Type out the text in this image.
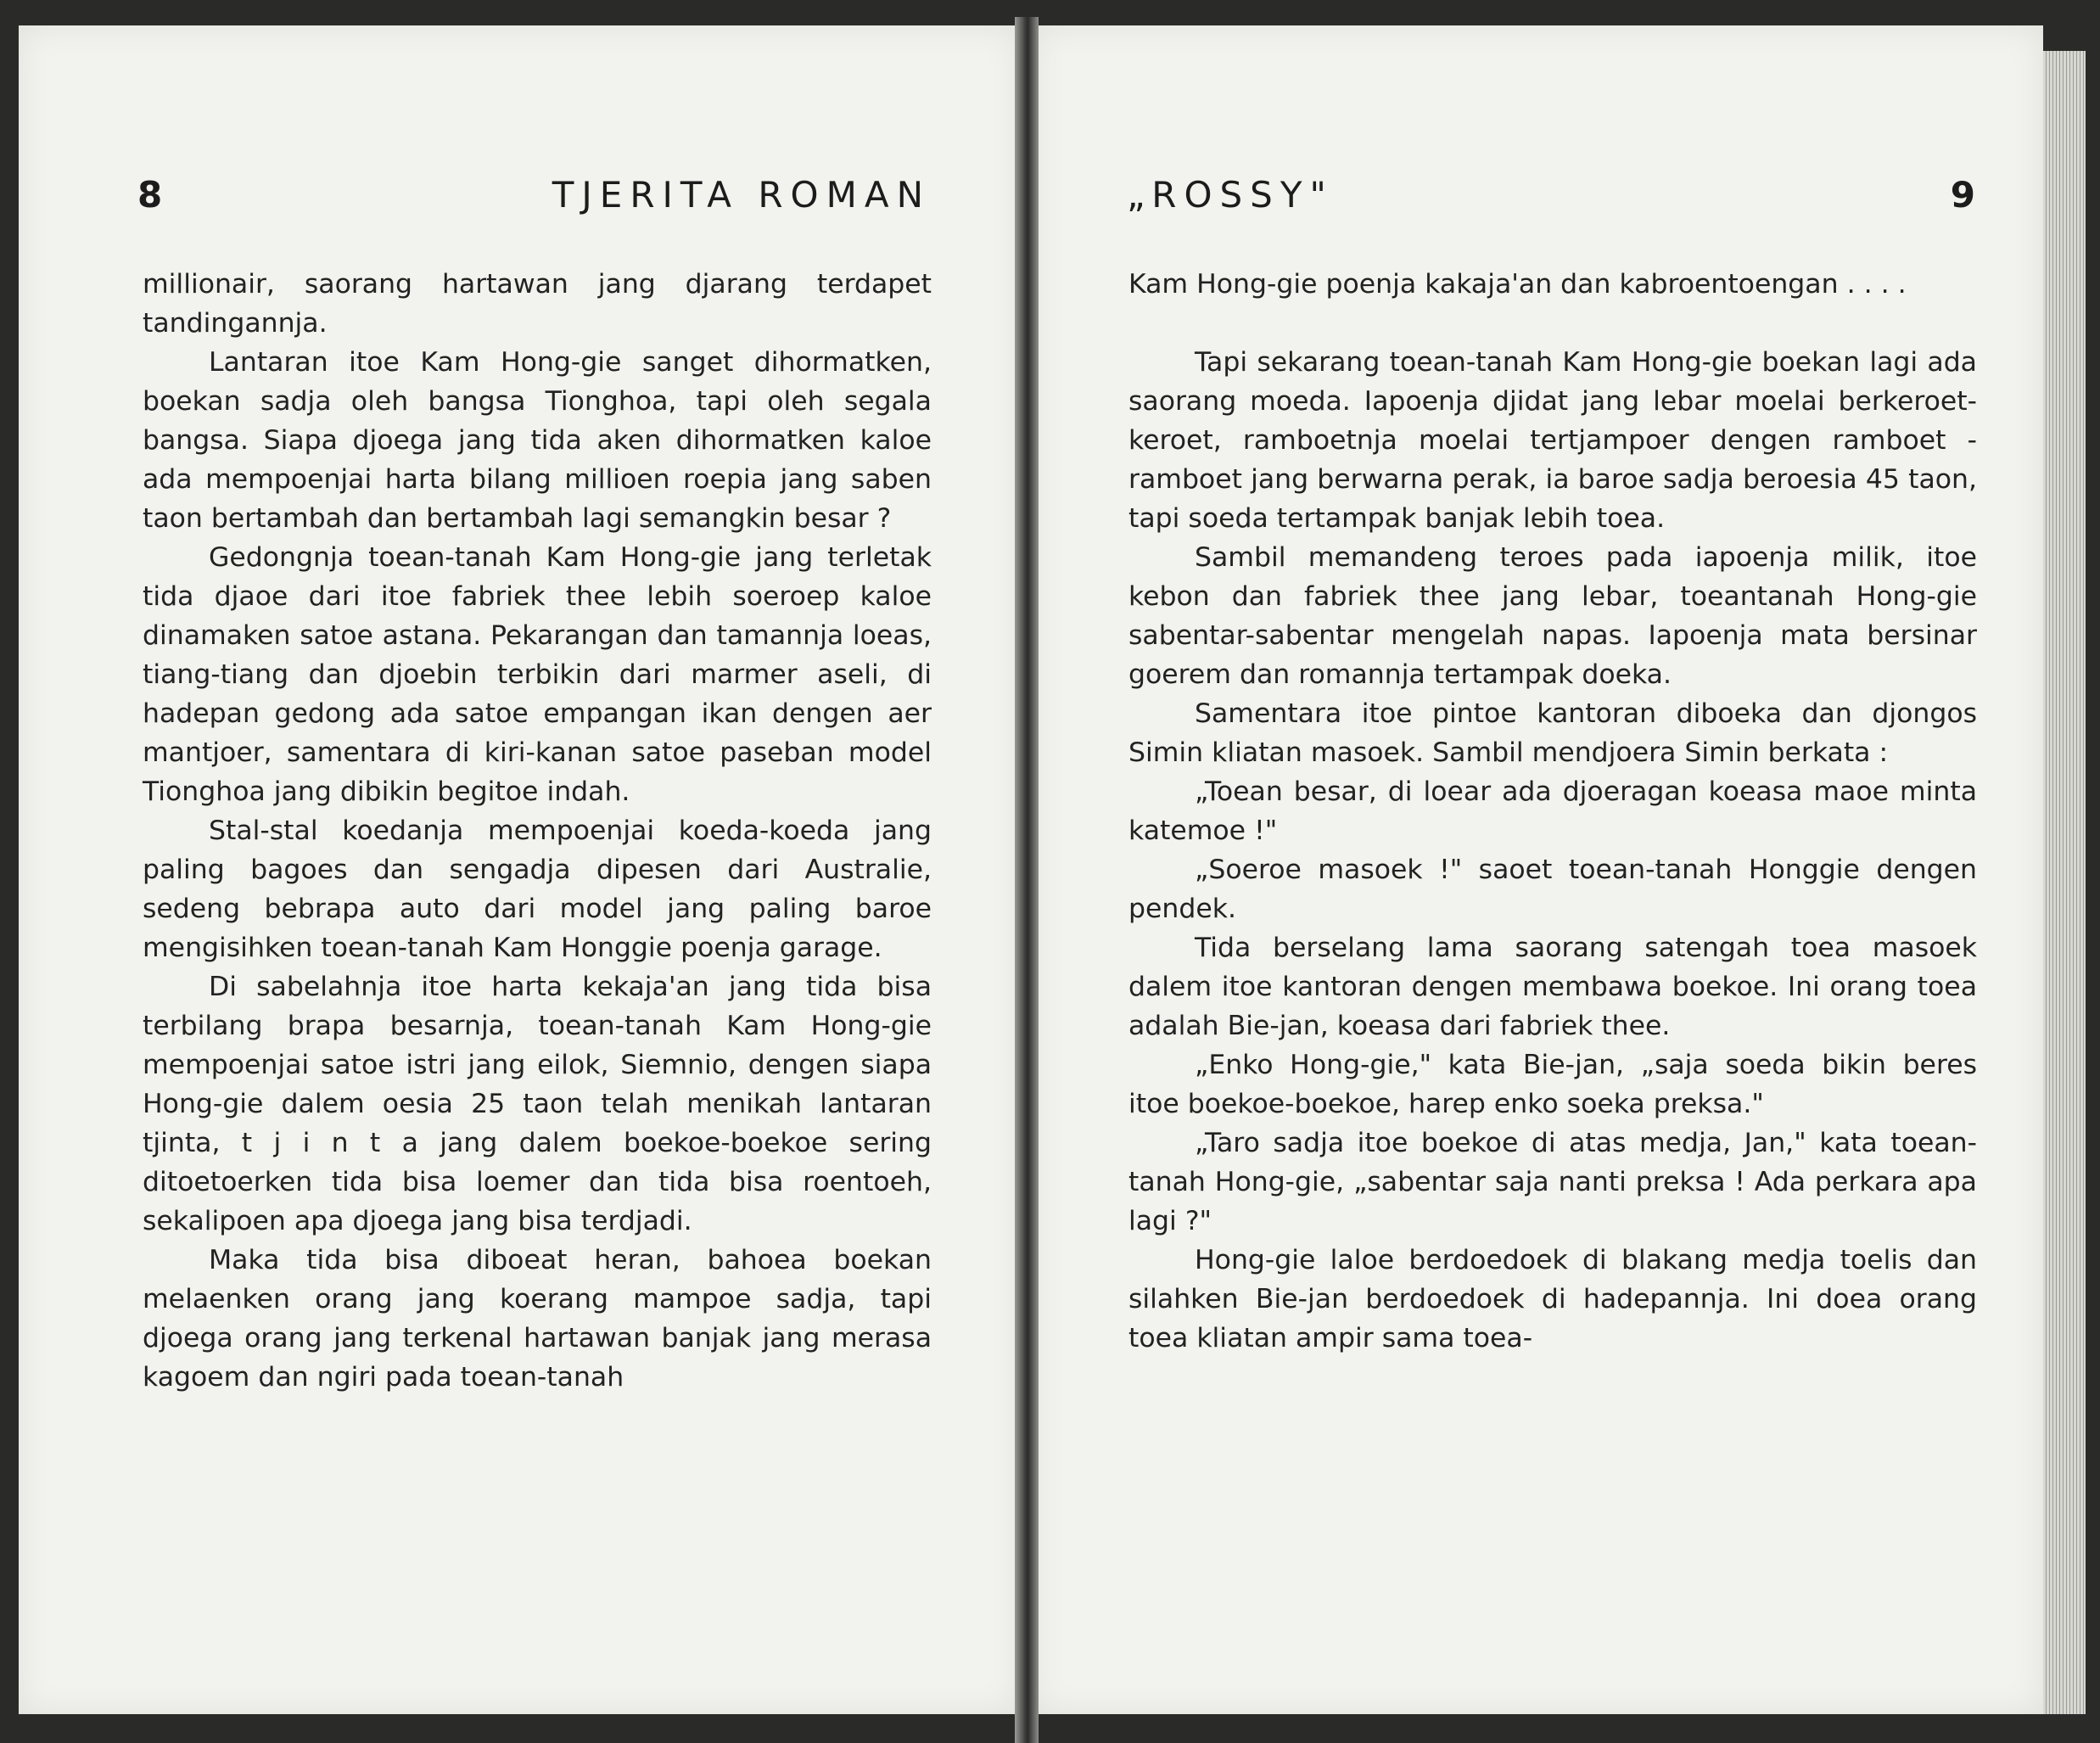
8	TJERITA ROMAN

millionair, saorang hartawan jang djarang terdapet tandingannja.

Lantaran itoe Kam Hong-gie sanget dihormatken, boekan sadja oleh bangsa Tionghoa, tapi oleh segala bangsa. Siapa djoega jang tida aken dihormatken kaloe ada mempoenjai harta bilang millioen roepia jang saben taon bertambah dan bertambah lagi semangkin besar ?

Gedongnja toean-tanah Kam Hong-gie jang terletak tida djaoe dari itoe fabriek thee lebih soeroep kaloe dinamaken satoe astana. Pekarangan dan tamannja loeas, tiang-tiang dan djoebin terbikin dari marmer aseli, di hadepan gedong ada satoe empangan ikan dengen aer mantjoer, samentara di kiri-kanan satoe paseban model Tionghoa jang dibikin begitoe indah.

Stal-stal koedanja mempoenjai koeda-koeda jang paling bagoes dan sengadja dipesen dari Australie, sedeng bebrapa auto dari model jang paling baroe mengisihken toean-tanah Kam Honggie poenja garage.

Di sabelahnja itoe harta kekaja'an jang tida bisa terbilang brapa besarnja, toean-tanah Kam Hong-gie mempoenjai satoe istri jang eilok, Siemnio, dengen siapa Hong-gie dalem oesia 25 taon telah menikah lantaran tjinta, t j i n t a jang dalem boekoe-boekoe sering ditoetoerken tida bisa loemer dan tida bisa roentoeh, sekalipoen apa djoega jang bisa terdjadi.

Maka tida bisa diboeat heran, bahoea boekan melaenken orang jang koerang mampoe sadja, tapi djoega orang jang terkenal hartawan banjak jang merasa kagoem dan ngiri pada toean-tanah

„ROSSY"	9

Kam Hong-gie poenja kakaja'an dan kabroentoengan . . . .

Tapi sekarang toean-tanah Kam Hong-gie boekan lagi ada saorang moeda. Iapoenja djidat jang lebar moelai berkeroet-keroet, ramboetnja moelai tertjampoer dengen ramboet - ramboet jang berwarna perak, ia baroe sadja beroesia 45 taon, tapi soeda tertampak banjak lebih toea.

Sambil memandeng teroes pada iapoenja milik, itoe kebon dan fabriek thee jang lebar, toeantanah Hong-gie sabentar-sabentar mengelah napas. Iapoenja mata bersinar goerem dan romannja tertampak doeka.

Samentara itoe pintoe kantoran diboeka dan djongos Simin kliatan masoek. Sambil mendjoera Simin berkata :

„Toean besar, di loear ada djoeragan koeasa maoe minta katemoe !"

„Soeroe masoek !" saoet toean-tanah Honggie dengen pendek.

Tida berselang lama saorang satengah toea masoek dalem itoe kantoran dengen membawa boekoe. Ini orang toea adalah Bie-jan, koeasa dari fabriek thee.

„Enko Hong-gie," kata Bie-jan, „saja soeda bikin beres itoe boekoe-boekoe, harep enko soeka preksa."

„Taro sadja itoe boekoe di atas medja, Jan," kata toean-tanah Hong-gie, „sabentar saja nanti preksa ! Ada perkara apa lagi ?"

Hong-gie laloe berdoedoek di blakang medja toelis dan silahken Bie-jan berdoedoek di hadepannja. Ini doea orang toea kliatan ampir sama toea-
